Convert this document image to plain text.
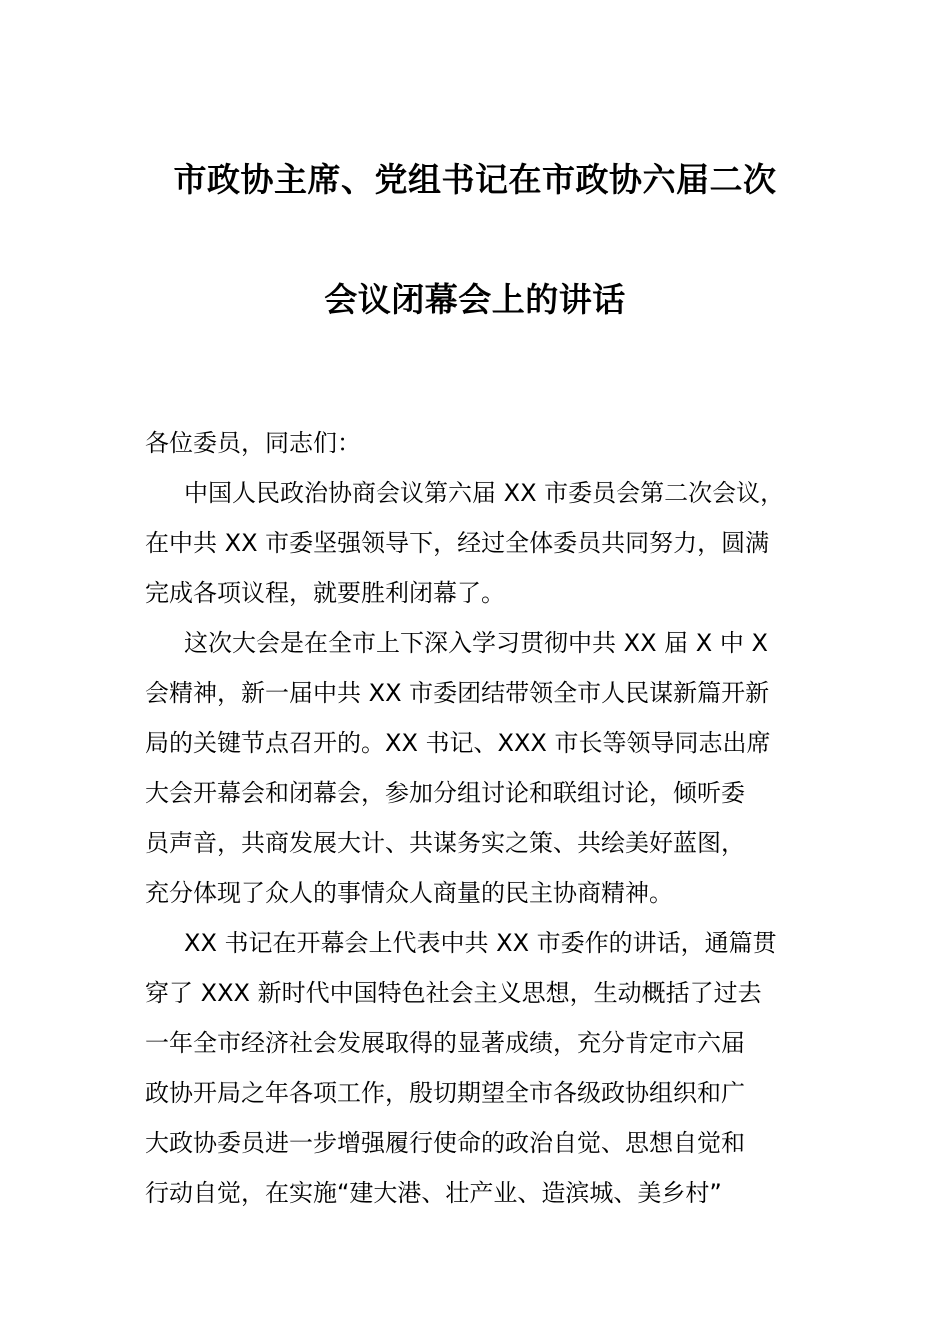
市政协主席、党组书记在市政协六届二次
会议闭幕会上的讲话
各位委员，同志们：
中国人民政治协商会议第六届 XX 市委员会第二次会议，
在中共 XX 市委坚强领导下，经过全体委员共同努力，圆满
完成各项议程，就要胜利闭幕了。
这次大会是在全市上下深入学习贯彻中共 XX 届 X 中 X
会精神，新一届中共 XX 市委团结带领全市人民谋新篇开新
局的关键节点召开的。XX 书记、XXX 市长等领导同志出席
大会开幕会和闭幕会，参加分组讨论和联组讨论，倾听委
员声音，共商发展大计、共谋务实之策、共绘美好蓝图，
充分体现了众人的事情众人商量的民主协商精神。
XX 书记在开幕会上代表中共 XX 市委作的讲话，通篇贯
穿了 XXX 新时代中国特色社会主义思想，生动概括了过去
一年全市经济社会发展取得的显著成绩，充分肯定市六届
政协开局之年各项工作，殷切期望全市各级政协组织和广
大政协委员进一步增强履行使命的政治自觉、思想自觉和
行动自觉，在实施“建大港、壮产业、造滨城、美乡村”
